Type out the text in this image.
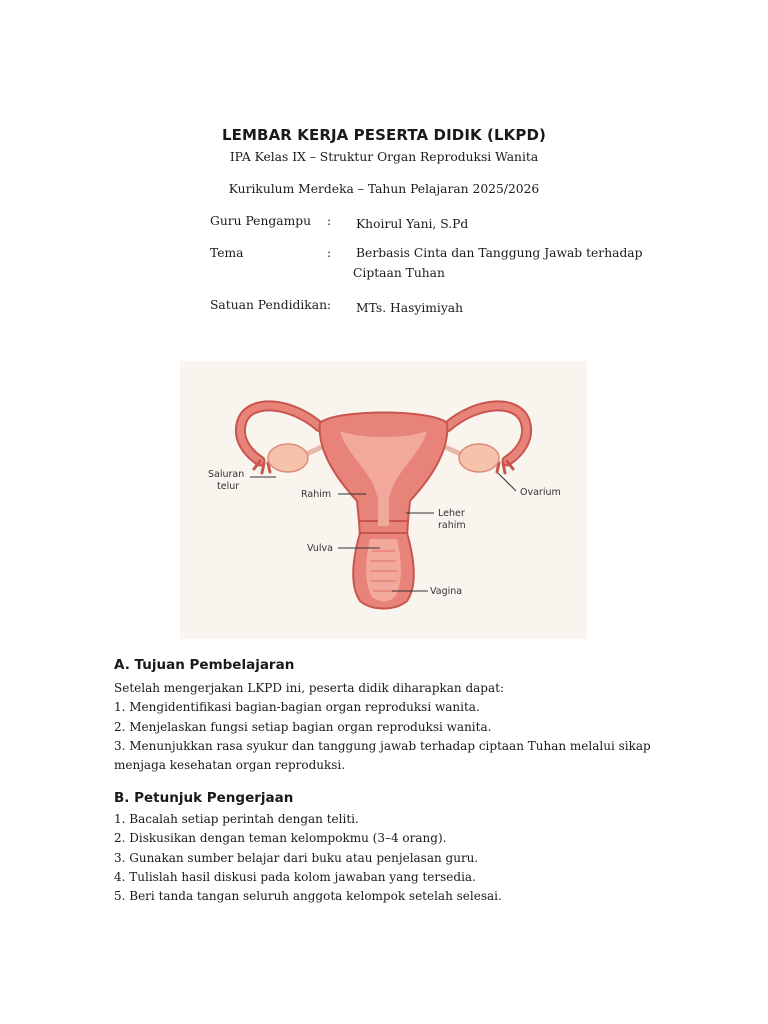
LEMBAR KERJA PESERTA DIDIK (LKPD)
IPA Kelas IX – Struktur Organ Reproduksi Wanita
Kurikulum Merdeka – Tahun Pelajaran 2025/2026
Guru Pengampu : Khoirul Yani, S.Pd
Tema	: Berbasis Cinta dan Tanggung Jawab terhadap
Ciptaan Tuhan
Satuan Pendidikan : MTs. Hasyimiyah
Saluran
telur
Rahim	Ovarium
Leher
rahim
Vulva
Vagina
A. Tujuan Pembelajaran
Setelah mengerjakan LKPD ini, peserta didik diharapkan dapat:
1. Mengidentifikasi bagian-bagian organ reproduksi wanita.
2. Menjelaskan fungsi setiap bagian organ reproduksi wanita.
3. Menunjukkan rasa syukur dan tanggung jawab terhadap ciptaan Tuhan melalui sikap
menjaga kesehatan organ reproduksi.
B. Petunjuk Pengerjaan
1. Bacalah setiap perintah dengan teliti.
2. Diskusikan dengan teman kelompokmu (3–4 orang).
3. Gunakan sumber belajar dari buku atau penjelasan guru.
4. Tulislah hasil diskusi pada kolom jawaban yang tersedia.
5. Beri tanda tangan seluruh anggota kelompok setelah selesai.
